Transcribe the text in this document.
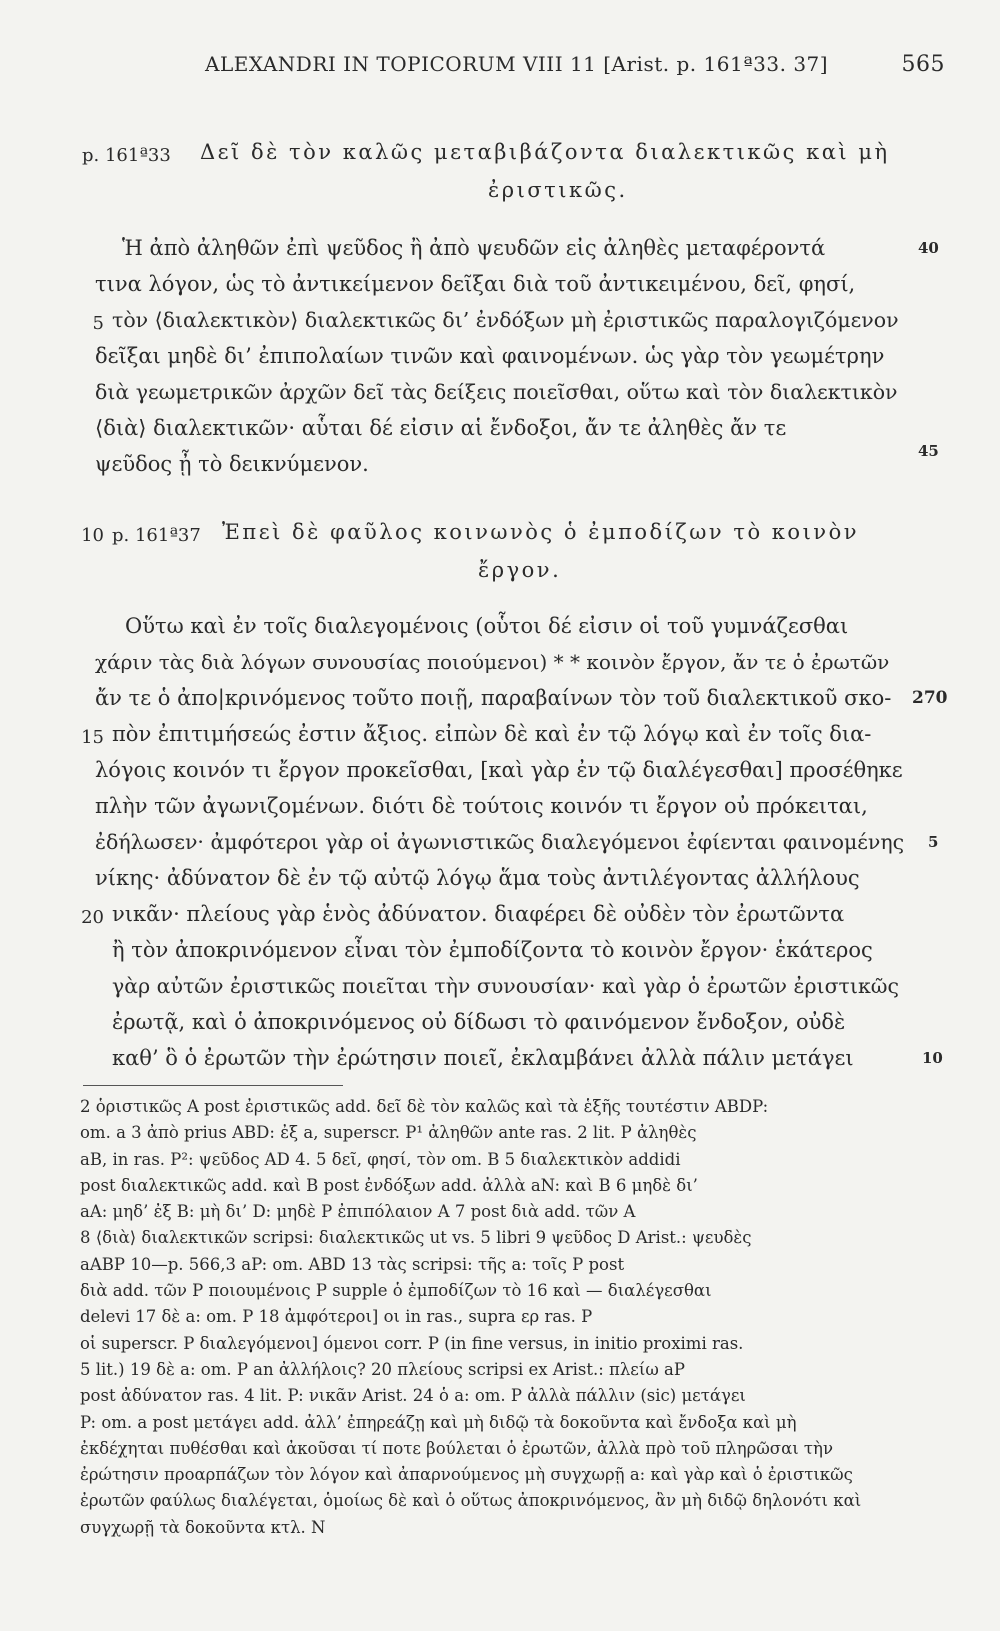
ALEXANDRI IN TOPICORUM VIII 11 [Arist. p. 161ª33. 37]	565
p. 161ª33 Δεῖ δὲ τὸν καλῶς μεταβιβάζοντα διαλεκτικῶς καὶ μὴ
ἐριστικῶς.
Ἡ ἀπὸ ἀληθῶν ἐπὶ ψεῦδος ἢ ἀπὸ ψευδῶν εἰς ἀληθὲς μεταφέροντά	40
τινα λόγον, ὡς τὸ ἀντικείμενον δεῖξαι διὰ τοῦ ἀντικειμένου, δεῖ, φησί,
5 τὸν ⟨διαλεκτικὸν⟩ διαλεκτικῶς δι’ ἐνδόξων μὴ ἐριστικῶς παραλογιζόμενον
δεῖξαι μηδὲ δι’ ἐπιπολαίων τινῶν καὶ φαινομένων. ὡς γὰρ τὸν γεωμέτρην
διὰ γεωμετρικῶν ἀρχῶν δεῖ τὰς δείξεις ποιεῖσθαι, οὕτω καὶ τὸν διαλεκτικὸν
⟨διὰ⟩ διαλεκτικῶν· αὗται δέ εἰσιν αἱ ἔνδοξοι, ἄν τε ἀληθὲς ἄν τε
ψεῦδος ᾖ τὸ δεικνύμενον.
45
10 p. 161ª37 Ἐπεὶ δὲ φαῦλος κοινωνὸς ὁ ἐμποδίζων τὸ κοινὸν
ἔργον.
Οὕτω καὶ ἐν τοῖς διαλεγομένοις (οὗτοι δέ εἰσιν οἱ τοῦ γυμνάζεσθαι
χάριν τὰς διὰ λόγων συνουσίας ποιούμενοι) * * κοινὸν ἔργον, ἄν τε ὁ ἐρωτῶν
ἄν τε ὁ ἀπο|κρινόμενος τοῦτο ποιῇ, παραβαίνων τὸν τοῦ διαλεκτικοῦ σκο- 270
15 πὸν ἐπιτιμήσεώς ἐστιν ἄξιος. εἰπὼν δὲ καὶ ἐν τῷ λόγῳ καὶ ἐν τοῖς δια-
λόγοις κοινόν τι ἔργον προκεῖσθαι, [καὶ γὰρ ἐν τῷ διαλέγεσθαι] προσέθηκε
πλὴν τῶν ἀγωνιζομένων. διότι δὲ τούτοις κοινόν τι ἔργον οὐ πρόκειται,
ἐδήλωσεν· ἀμφότεροι γὰρ οἱ ἀγωνιστικῶς διαλεγόμενοι ἐφίενται φαινομένης 5
νίκης· ἀδύνατον δὲ ἐν τῷ αὐτῷ λόγῳ ἅμα τοὺς ἀντιλέγοντας ἀλλήλους
20 νικᾶν· πλείους γὰρ ἑνὸς ἀδύνατον. διαφέρει δὲ οὐδὲν τὸν ἐρωτῶντα
ἢ τὸν ἀποκρινόμενον εἶναι τὸν ἐμποδίζοντα τὸ κοινὸν ἔργον· ἑκάτερος
γὰρ αὐτῶν ἐριστικῶς ποιεῖται τὴν συνουσίαν· καὶ γὰρ ὁ ἐρωτῶν ἐριστικῶς
ἐρωτᾷ, καὶ ὁ ἀποκρινόμενος οὐ δίδωσι τὸ φαινόμενον ἔνδοξον, οὐδὲ
καθ’ ὃ ὁ ἐρωτῶν τὴν ἐρώτησιν ποιεῖ, ἐκλαμβάνει ἀλλὰ πάλιν μετάγει	10
2 ὁριστικῶς A post ἐριστικῶς add. δεῖ δὲ τὸν καλῶς καὶ τὰ ἑξῆς τουτέστιν ABDP:
om. a 3 ἀπὸ prius ABD: ἐξ a, superscr. P¹ ἀληθῶν ante ras. 2 lit. P ἀληθὲς
aB, in ras. P²: ψεῦδος AD 4. 5 δεῖ, φησί, τὸν om. B 5 διαλεκτικὸν addidi
post διαλεκτικῶς add. καὶ B post ἐνδόξων add. ἀλλὰ aN: καὶ B 6 μηδὲ δι’
aA: μηδ’ ἐξ B: μὴ δι’ D: μηδὲ P ἐπιπόλαιον A 7 post διὰ add. τῶν A
8 ⟨διὰ⟩ διαλεκτικῶν scripsi: διαλεκτικῶς ut vs. 5 libri 9 ψεῦδος D Arist.: ψευδὲς
aABP 10—p. 566,3 aP: om. ABD 13 τὰς scripsi: τῆς a: τοῖς P post
διὰ add. τῶν P ποιουμένοις P supple ὁ ἐμποδίζων τὸ 16 καὶ — διαλέγεσθαι
delevi 17 δὲ a: om. P 18 ἀμφότεροι] οι in ras., supra ερ ras. P
οἱ superscr. P διαλεγόμενοι] όμενοι corr. P (in fine versus, in initio proximi ras.
5 lit.) 19 δὲ a: om. P an ἀλλήλοις? 20 πλείους scripsi ex Arist.: πλείω aP
post ἀδύνατον ras. 4 lit. P: νικᾶν Arist. 24 ὁ a: om. P ἀλλὰ πάλλιν (sic) μετάγει
P: om. a post μετάγει add. ἀλλ’ ἐπηρεάζῃ καὶ μὴ διδῷ τὰ δοκοῦντα καὶ ἔνδοξα καὶ μὴ
ἐκδέχηται πυθέσθαι καὶ ἀκοῦσαι τί ποτε βούλεται ὁ ἐρωτῶν, ἀλλὰ πρὸ τοῦ πληρῶσαι τὴν
ἐρώτησιν προαρπάζων τὸν λόγον καὶ ἀπαρνούμενος μὴ συγχωρῇ a: καὶ γὰρ καὶ ὁ ἐριστικῶς
ἐρωτῶν φαύλως διαλέγεται, ὁμοίως δὲ καὶ ὁ οὕτως ἀποκρινόμενος, ἂν μὴ διδῷ δηλονότι καὶ
συγχωρῇ τὰ δοκοῦντα κτλ. N
